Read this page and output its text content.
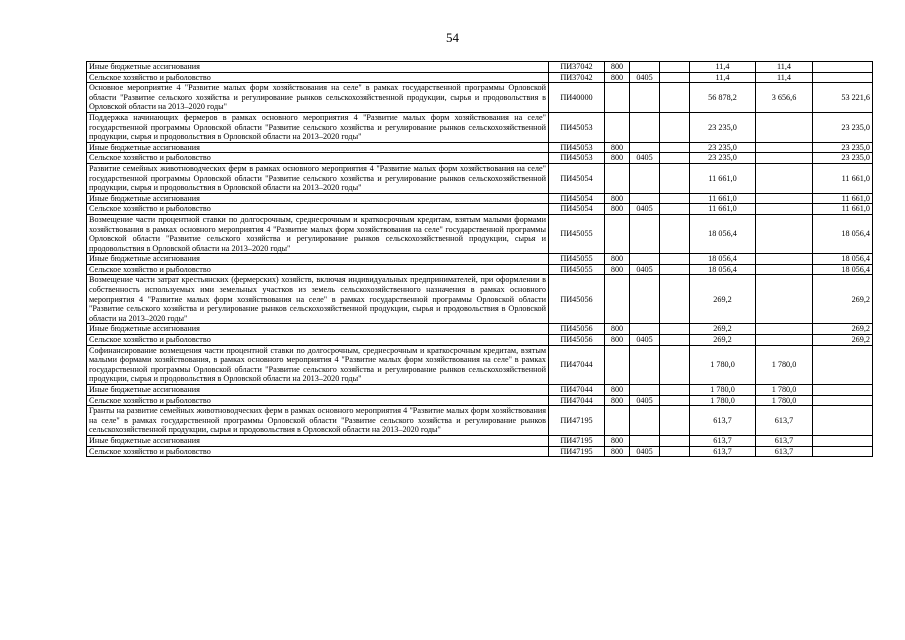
54
Иные бюджетные ассигнования	ПИ37042	800			11,4	11,4	
Сельское хозяйство и рыболовство	ПИ37042	800	0405		11,4	11,4	
Основное мероприятие 4 "Развитие малых форм хозяйствования на селе" в рамках государственной программы Орловской области "Развитие сельского хозяйства и регулирование рынков сельскохозяйственной продукции, сырья и продовольствия в Орловской области на 2013–2020 годы"	ПИ40000				56 878,2	3 656,6	53 221,6
Поддержка начинающих фермеров в рамках основного мероприятия 4 "Развитие малых форм хозяйствования на селе" государственной программы Орловской области "Развитие сельского хозяйства и регулирование рынков сельскохозяйственной продукции, сырья и продовольствия в Орловской области на 2013–2020 годы"	ПИ45053				23 235,0		23 235,0
Иные бюджетные ассигнования	ПИ45053	800			23 235,0		23 235,0
Сельское хозяйство и рыболовство	ПИ45053	800	0405		23 235,0		23 235,0
Развитие семейных животноводческих ферм в рамках основного мероприятия 4 "Развитие малых форм хозяйствования на селе" государственной программы Орловской области "Развитие сельского хозяйства и регулирование рынков сельскохозяйственной продукции, сырья и продовольствия в Орловской области на 2013–2020 годы"	ПИ45054				11 661,0		11 661,0
Иные бюджетные ассигнования	ПИ45054	800			11 661,0		11 661,0
Сельское хозяйство и рыболовство	ПИ45054	800	0405		11 661,0		11 661,0
Возмещение части процентной ставки по долгосрочным, среднесрочным и краткосрочным кредитам, взятым малыми формами хозяйствования в рамках основного мероприятия 4 "Развитие малых форм хозяйствования на селе" государственной программы Орловской области "Развитие сельского хозяйства и регулирование рынков сельскохозяйственной продукции, сырья и продовольствия в Орловской области на 2013–2020 годы"	ПИ45055				18 056,4		18 056,4
Иные бюджетные ассигнования	ПИ45055	800			18 056,4		18 056,4
Сельское хозяйство и рыболовство	ПИ45055	800	0405		18 056,4		18 056,4
Возмещение части затрат крестьянских (фермерских) хозяйств, включая индивидуальных предпринимателей, при оформлении в собственность используемых ими земельных участков из земель сельскохозяйственного назначения в рамках основного мероприятия 4 "Развитие малых форм хозяйствования на селе" в рамках государственной программы Орловской области "Развитие сельского хозяйства и регулирование рынков сельскохозяйственной продукции, сырья и продовольствия в Орловской области на 2013–2020 годы"	ПИ45056				269,2		269,2
Иные бюджетные ассигнования	ПИ45056	800			269,2		269,2
Сельское хозяйство и рыболовство	ПИ45056	800	0405		269,2		269,2
Софинансирование возмещения части процентной ставки по долгосрочным, среднесрочным и краткосрочным кредитам, взятым малыми формами хозяйствования, в рамках основного мероприятия 4 "Развитие малых форм хозяйствования на селе" в рамках государственной программы Орловской области "Развитие сельского хозяйства и регулирование рынков сельскохозяйственной продукции, сырья и продовольствия в Орловской области на 2013–2020 годы"	ПИ47044				1 780,0	1 780,0	
Иные бюджетные ассигнования	ПИ47044	800			1 780,0	1 780,0	
Сельское хозяйство и рыболовство	ПИ47044	800	0405		1 780,0	1 780,0	
Гранты на развитие семейных животноводческих ферм в рамках основного мероприятия 4 "Развитие малых форм хозяйствования на селе" в рамках государственной программы Орловской области "Развитие сельского хозяйства и регулирование рынков сельскохозяйственной продукции, сырья и продовольствия в Орловской области на 2013–2020 годы"	ПИ47195				613,7	613,7	
Иные бюджетные ассигнования	ПИ47195	800			613,7	613,7	
Сельское хозяйство и рыболовство	ПИ47195	800	0405		613,7	613,7	
